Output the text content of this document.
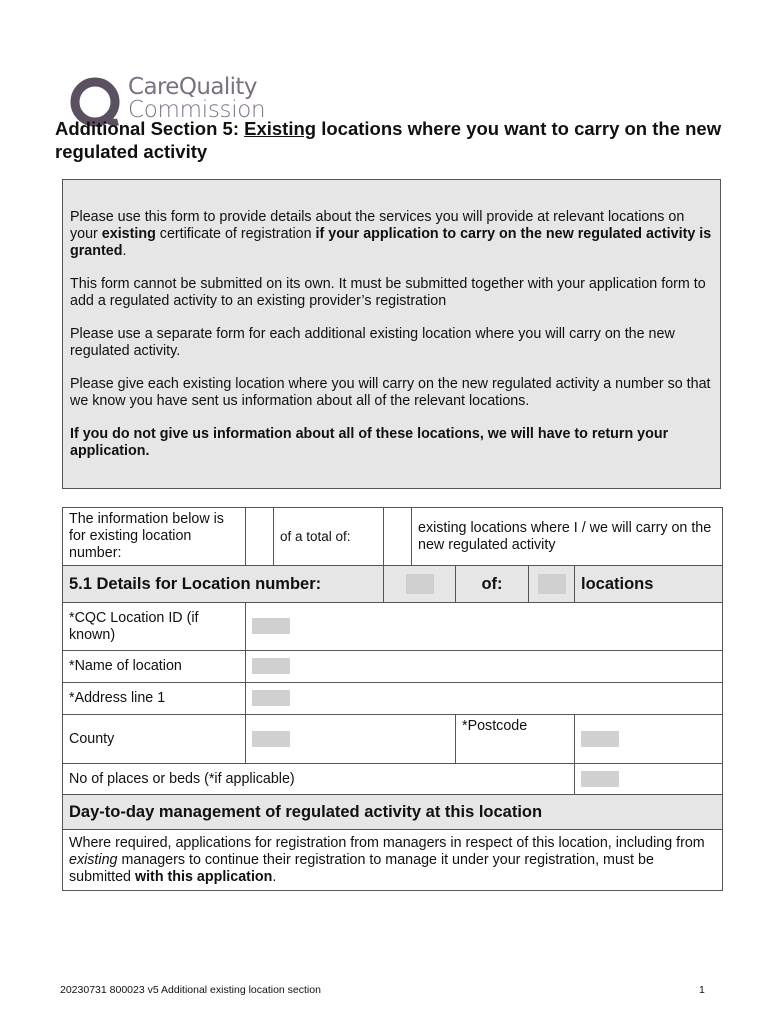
CareQuality
Commission
Additional Section 5: Existing locations where you want to carry on the new regulated activity

Please use this form to provide details about the services you will provide at relevant locations on your existing certificate of registration if your application to carry on the new regulated activity is granted.

This form cannot be submitted on its own. It must be submitted together with your application form to add a regulated activity to an existing provider’s registration

Please use a separate form for each additional existing location where you will carry on the new regulated activity.

Please give each existing location where you will carry on the new regulated activity a number so that we know you have sent us information about all of the relevant locations.

If you do not give us information about all of these locations, we will have to return your application.

The information below is for existing location number:		of a total of:		existing locations where I / we will carry on the new regulated activity			
5.1 Details for Location number:					of:		locations
*CQC Location ID (if known)							
*Name of location							
*Address line 1							
County					*Postcode		
No of places or beds (*if applicable)							
Day-to-day management of regulated activity at this location							
Where required, applications for registration from managers in respect of this location, including from existing managers to continue their registration to manage it under your registration, must be submitted with this application.							
20230731 800023 v5 Additional existing location section	1
